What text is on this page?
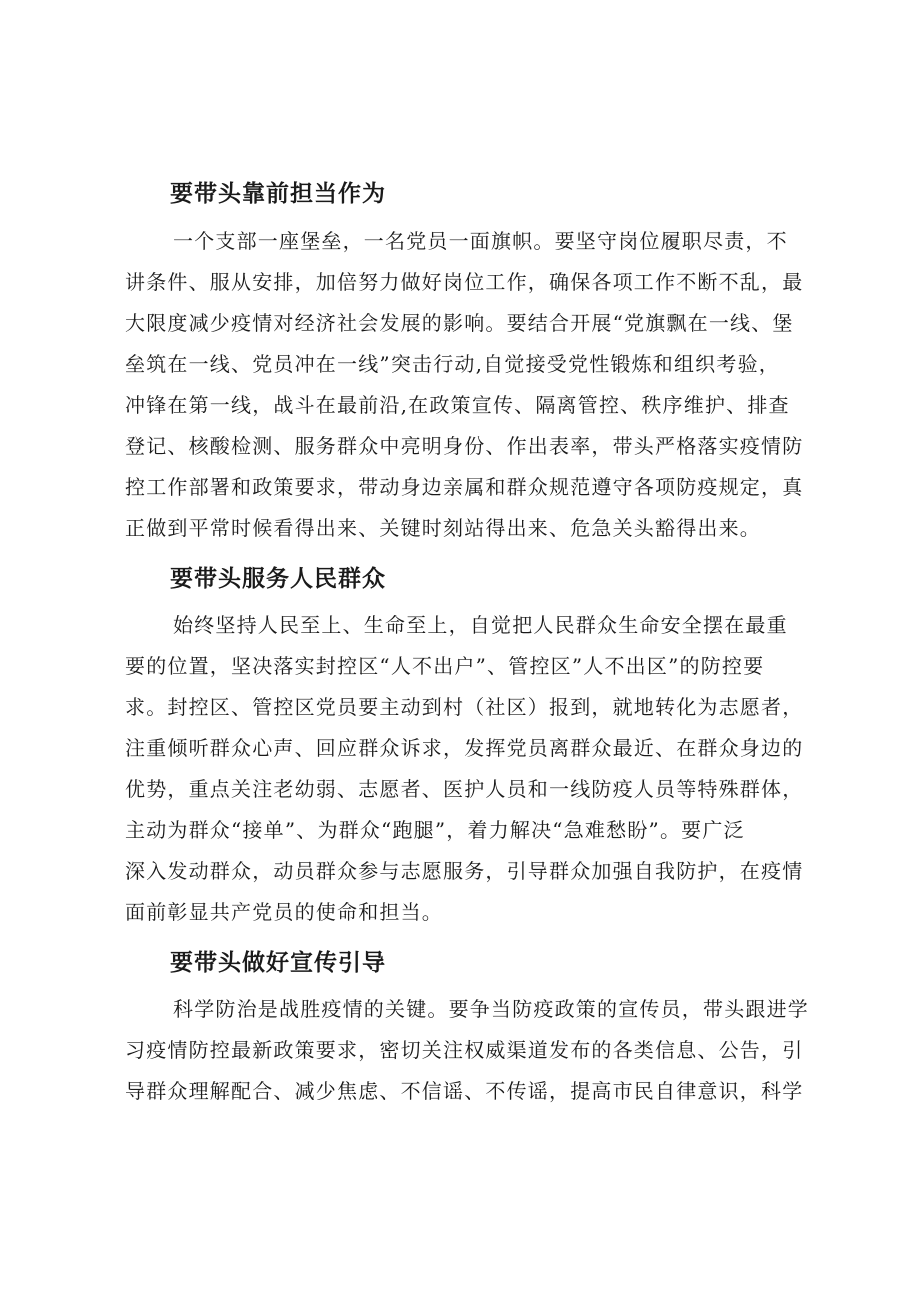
要带头靠前担当作为
一个支部一座堡垒，一名党员一面旗帜。要坚守岗位履职尽责，不
讲条件、服从安排，加倍努力做好岗位工作，确保各项工作不断不乱，最
大限度减少疫情对经济社会发展的影响。要结合开展“党旗飘在一线、堡
垒筑在一线、党员冲在一线”突击行动,自觉接受党性锻炼和组织考验，
冲锋在第一线，战斗在最前沿,在政策宣传、隔离管控、秩序维护、排查
登记、核酸检测、服务群众中亮明身份、作出表率，带头严格落实疫情防
控工作部署和政策要求，带动身边亲属和群众规范遵守各项防疫规定，真
正做到平常时候看得出来、关键时刻站得出来、危急关头豁得出来。
要带头服务人民群众
始终坚持人民至上、生命至上，自觉把人民群众生命安全摆在最重
要的位置，坚决落实封控区“人不出户”、管控区”人不出区”的防控要
求。封控区、管控区党员要主动到村（社区）报到，就地转化为志愿者，
注重倾听群众心声、回应群众诉求，发挥党员离群众最近、在群众身边的
优势，重点关注老幼弱、志愿者、医护人员和一线防疫人员等特殊群体，
主动为群众“接单”、为群众“跑腿”，着力解决“急难愁盼”。要广泛
深入发动群众，动员群众参与志愿服务，引导群众加强自我防护，在疫情
面前彰显共产党员的使命和担当。
要带头做好宣传引导
科学防治是战胜疫情的关键。要争当防疫政策的宣传员，带头跟进学
习疫情防控最新政策要求，密切关注权威渠道发布的各类信息、公告，引
导群众理解配合、减少焦虑、不信谣、不传谣，提高市民自律意识，科学
